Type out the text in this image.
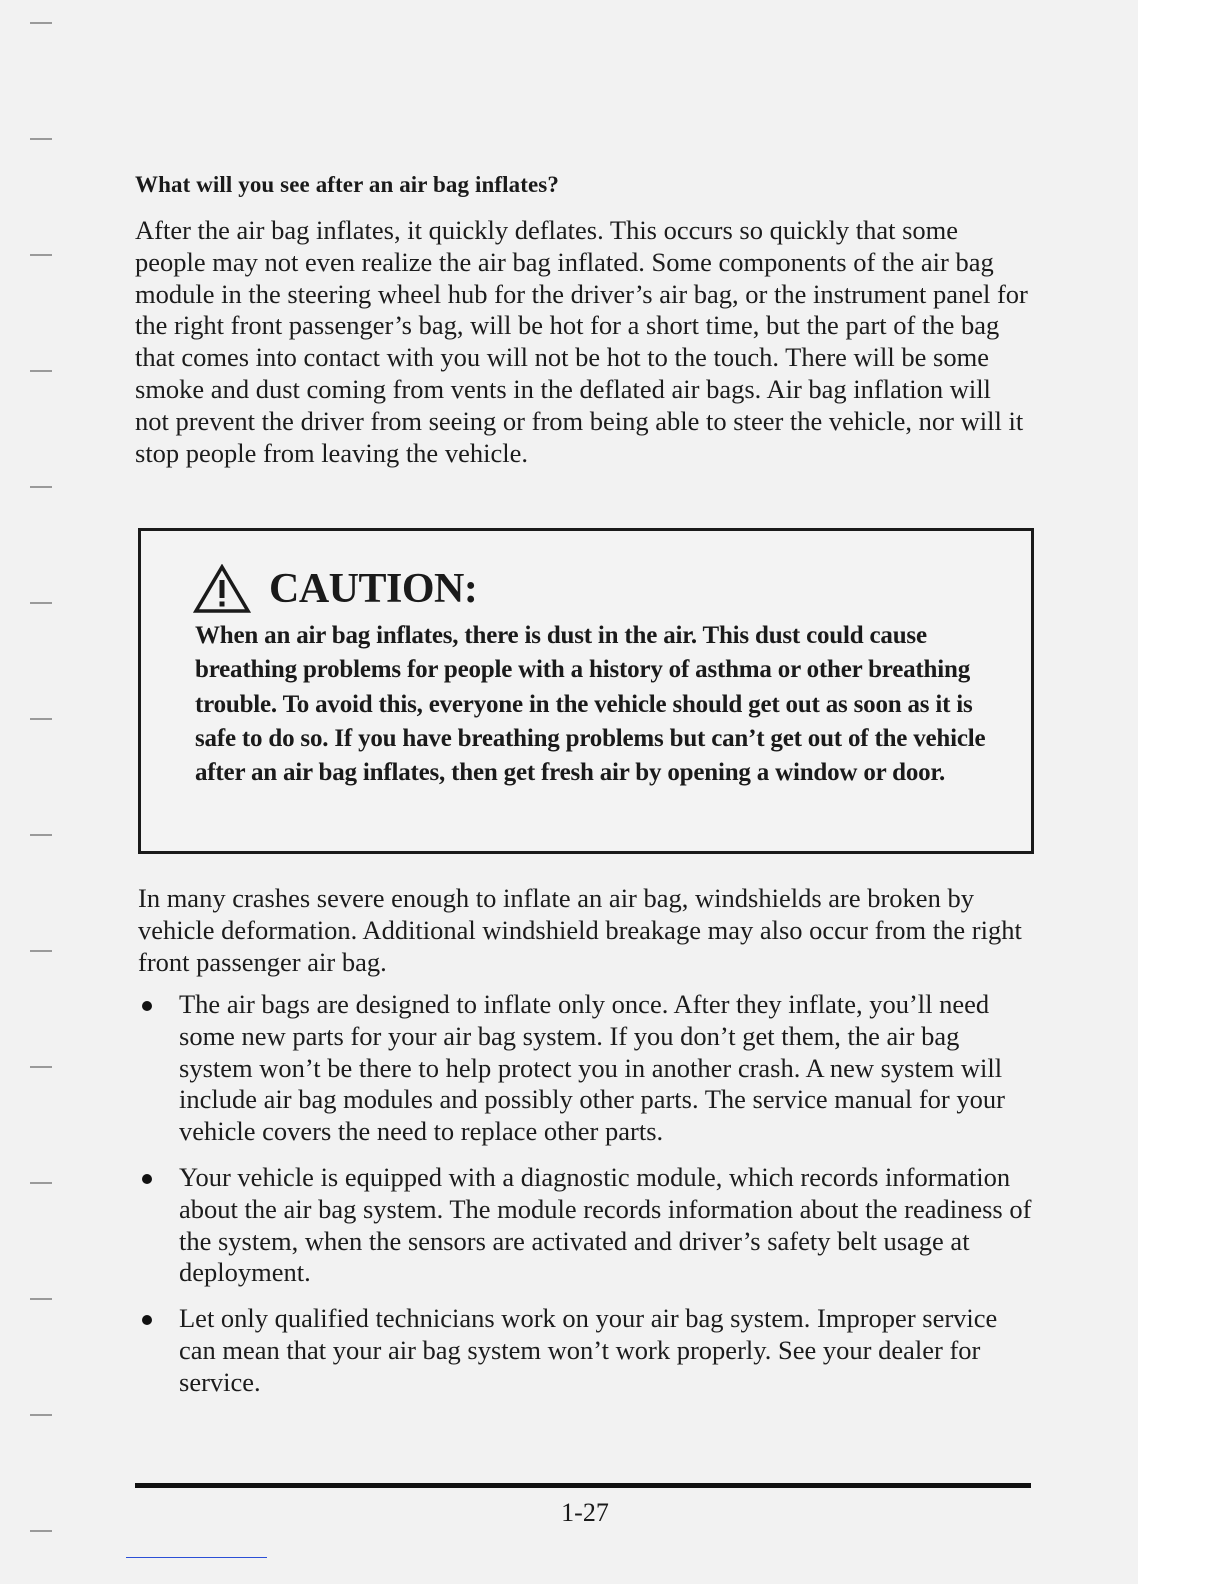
What will you see after an air bag inflates?

After the air bag inflates, it quickly deflates. This occurs so quickly that some people may not even realize the air bag inflated. Some components of the air bag module in the steering wheel hub for the driver’s air bag, or the instrument panel for the right front passenger’s bag, will be hot for a short time, but the part of the bag that comes into contact with you will not be hot to the touch. There will be some smoke and dust coming from vents in the deflated air bags. Air bag inflation will not prevent the driver from seeing or from being able to steer the vehicle, nor will it stop people from leaving the vehicle.

CAUTION:

When an air bag inflates, there is dust in the air. This dust could cause breathing problems for people with a history of asthma or other breathing trouble. To avoid this, everyone in the vehicle should get out as soon as it is safe to do so. If you have breathing problems but can’t get out of the vehicle after an air bag inflates, then get fresh air by opening a window or door.

In many crashes severe enough to inflate an air bag, windshields are broken by vehicle deformation. Additional windshield breakage may also occur from the right front passenger air bag.

The air bags are designed to inflate only once. After they inflate, you’ll need some new parts for your air bag system. If you don’t get them, the air bag system won’t be there to help protect you in another crash. A new system will include air bag modules and possibly other parts. The service manual for your vehicle covers the need to replace other parts.
Your vehicle is equipped with a diagnostic module, which records information about the air bag system. The module records information about the readiness of the system, when the sensors are activated and driver’s safety belt usage at deployment.
Let only qualified technicians work on your air bag system. Improper service can mean that your air bag system won’t work properly. See your dealer for service.
1-27
